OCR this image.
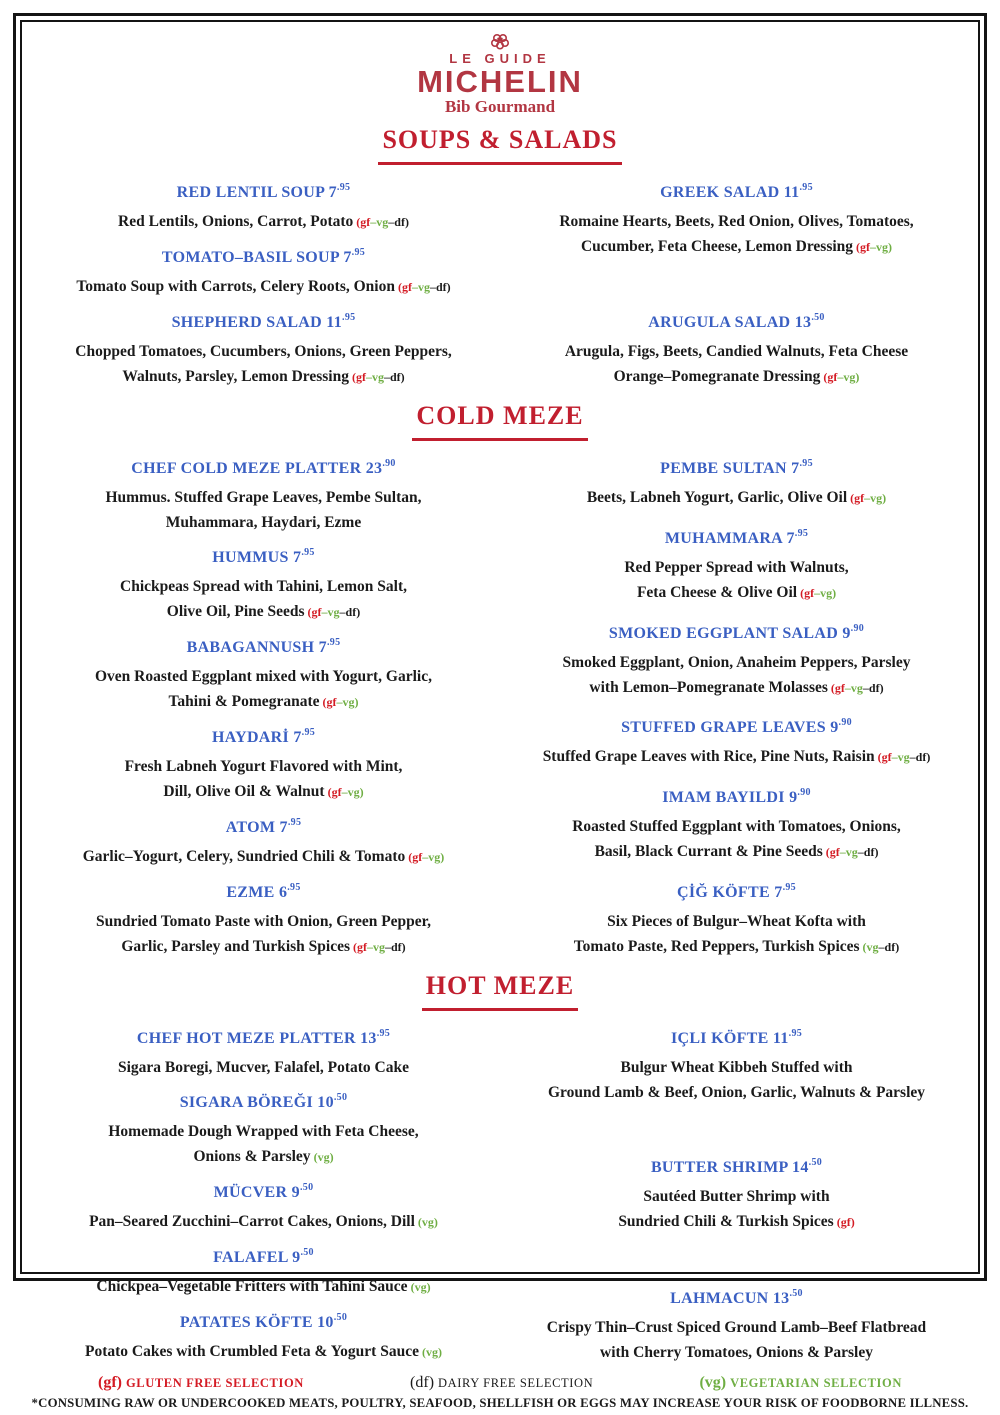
LE GUIDE
MICHELIN
Bib Gourmand
SOUPS & SALADS
RED LENTIL SOUP $7^{.95}$
Red Lentils, Onions, Carrot, Potato (gf–vg–df)
TOMATO–BASIL SOUP $7^{.95}$
Tomato Soup with Carrots, Celery Roots, Onion (gf–vg–df)
SHEPHERD SALAD $11^{.95}$
Chopped Tomatoes, Cucumbers, Onions, Green Peppers,
Walnuts, Parsley, Lemon Dressing (gf–vg–df)
GREEK SALAD $11^{.95}$
Romaine Hearts, Beets, Red Onion, Olives, Tomatoes,
Cucumber, Feta Cheese, Lemon Dressing (gf–vg)
ARUGULA SALAD $13^{.50}$
Arugula, Figs, Beets, Candied Walnuts, Feta Cheese
Orange–Pomegranate Dressing (gf–vg)
COLD MEZE
CHEF COLD MEZE PLATTER $23^{.90}$
Hummus. Stuffed Grape Leaves, Pembe Sultan,
Muhammara, Haydari, Ezme
HUMMUS $7^{.95}$
Chickpeas Spread with Tahini, Lemon Salt,
Olive Oil, Pine Seeds (gf–vg–df)
BABAGANNUSH $7^{.95}$
Oven Roasted Eggplant mixed with Yogurt, Garlic,
Tahini & Pomegranate (gf–vg)
HAYDARİ $7^{.95}$
Fresh Labneh Yogurt Flavored with Mint,
Dill, Olive Oil & Walnut (gf–vg)
ATOM $7^{.95}$
Garlic–Yogurt, Celery, Sundried Chili & Tomato (gf–vg)
EZME $6^{.95}$
Sundried Tomato Paste with Onion, Green Pepper,
Garlic, Parsley and Turkish Spices (gf–vg–df)
PEMBE SULTAN $7^{.95}$
Beets, Labneh Yogurt, Garlic, Olive Oil (gf–vg)
MUHAMMARA $7^{.95}$
Red Pepper Spread with Walnuts,
Feta Cheese & Olive Oil (gf–vg)
SMOKED EGGPLANT SALAD $9^{.90}$
Smoked Eggplant, Onion, Anaheim Peppers, Parsley
with Lemon–Pomegranate Molasses (gf–vg–df)
STUFFED GRAPE LEAVES $9^{.90}$
Stuffed Grape Leaves with Rice, Pine Nuts, Raisin (gf–vg–df)
IMAM BAYILDI $9^{.90}$
Roasted Stuffed Eggplant with Tomatoes, Onions,
Basil, Black Currant & Pine Seeds (gf–vg–df)
ÇİĞ KÖFTE $7^{.95}$
Six Pieces of Bulgur–Wheat Kofta with
Tomato Paste, Red Peppers, Turkish Spices (vg–df)
HOT MEZE
CHEF HOT MEZE PLATTER $13^{.95}$
Sigara Boregi, Mucver, Falafel, Potato Cake
SIGARA BÖREĞI $10^{.50}$
Homemade Dough Wrapped with Feta Cheese,
Onions & Parsley (vg)
MÜCVER $9^{.50}$
Pan–Seared Zucchini–Carrot Cakes, Onions, Dill (vg)
FALAFEL $9^{.50}$
Chickpea–Vegetable Fritters with Tahini Sauce (vg)
PATATES KÖFTE $10^{.50}$
Potato Cakes with Crumbled Feta & Yogurt Sauce (vg)
IÇLI KÖFTE $11^{.95}$
Bulgur Wheat Kibbeh Stuffed with
Ground Lamb & Beef, Onion, Garlic, Walnuts & Parsley
BUTTER SHRIMP $14^{.50}$
Sautéed Butter Shrimp with
Sundried Chili & Turkish Spices (gf)
LAHMACUN $13^{.50}$
Crispy Thin–Crust Spiced Ground Lamb–Beef Flatbread
with Cherry Tomatoes, Onions & Parsley
(gf) GLUTEN FREE SELECTION	(df) DAIRY FREE SELECTION	(vg) VEGETARIAN SELECTION
*CONSUMING RAW OR UNDERCOOKED MEATS, POULTRY, SEAFOOD, SHELLFISH OR EGGS MAY INCREASE YOUR RISK OF FOODBORNE ILLNESS.
